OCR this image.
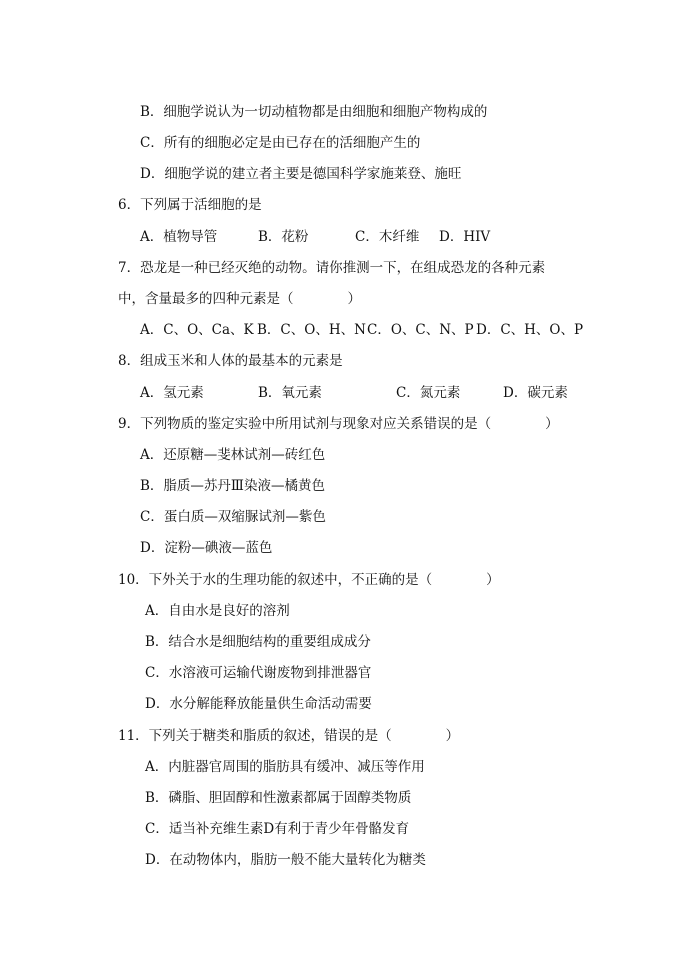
B．细胞学说认为一切动植物都是由细胞和细胞产物构成的
C．所有的细胞必定是由已存在的活细胞产生的
D．细胞学说的建立者主要是德国科学家施莱登、施旺
6．下列属于活细胞的是
A．植物导管	B．花粉	C．木纤维 D．HIV
7．恐龙是一种已经灭绝的动物。请你推测一下，在组成恐龙的各种元素
中，含量最多的四种元素是（　　　　）
A．C、O、Ca、K B．C、O、H、N C．O、C、N、P D．C、H、O、P
8．组成玉米和人体的最基本的元素是
A．氢元素	B．氧元素	C．氮元素	D．碳元素
9．下列物质的鉴定实验中所用试剂与现象对应关系错误的是（　　　　）
A．还原糖—斐林试剂—砖红色
B．脂质—苏丹Ⅲ染液—橘黄色
C．蛋白质—双缩脲试剂—紫色
D．淀粉—碘液—蓝色
10．下外关于水的生理功能的叙述中，不正确的是（　　　　）
A．自由水是良好的溶剂
B．结合水是细胞结构的重要组成成分
C．水溶液可运输代谢废物到排泄器官
D．水分解能释放能量供生命活动需要
11．下列关于糖类和脂质的叙述，错误的是（　　　　）
A．内脏器官周围的脂肪具有缓冲、减压等作用
B．磷脂、胆固醇和性激素都属于固醇类物质
C．适当补充维生素D有利于青少年骨骼发育
D．在动物体内，脂肪一般不能大量转化为糖类
